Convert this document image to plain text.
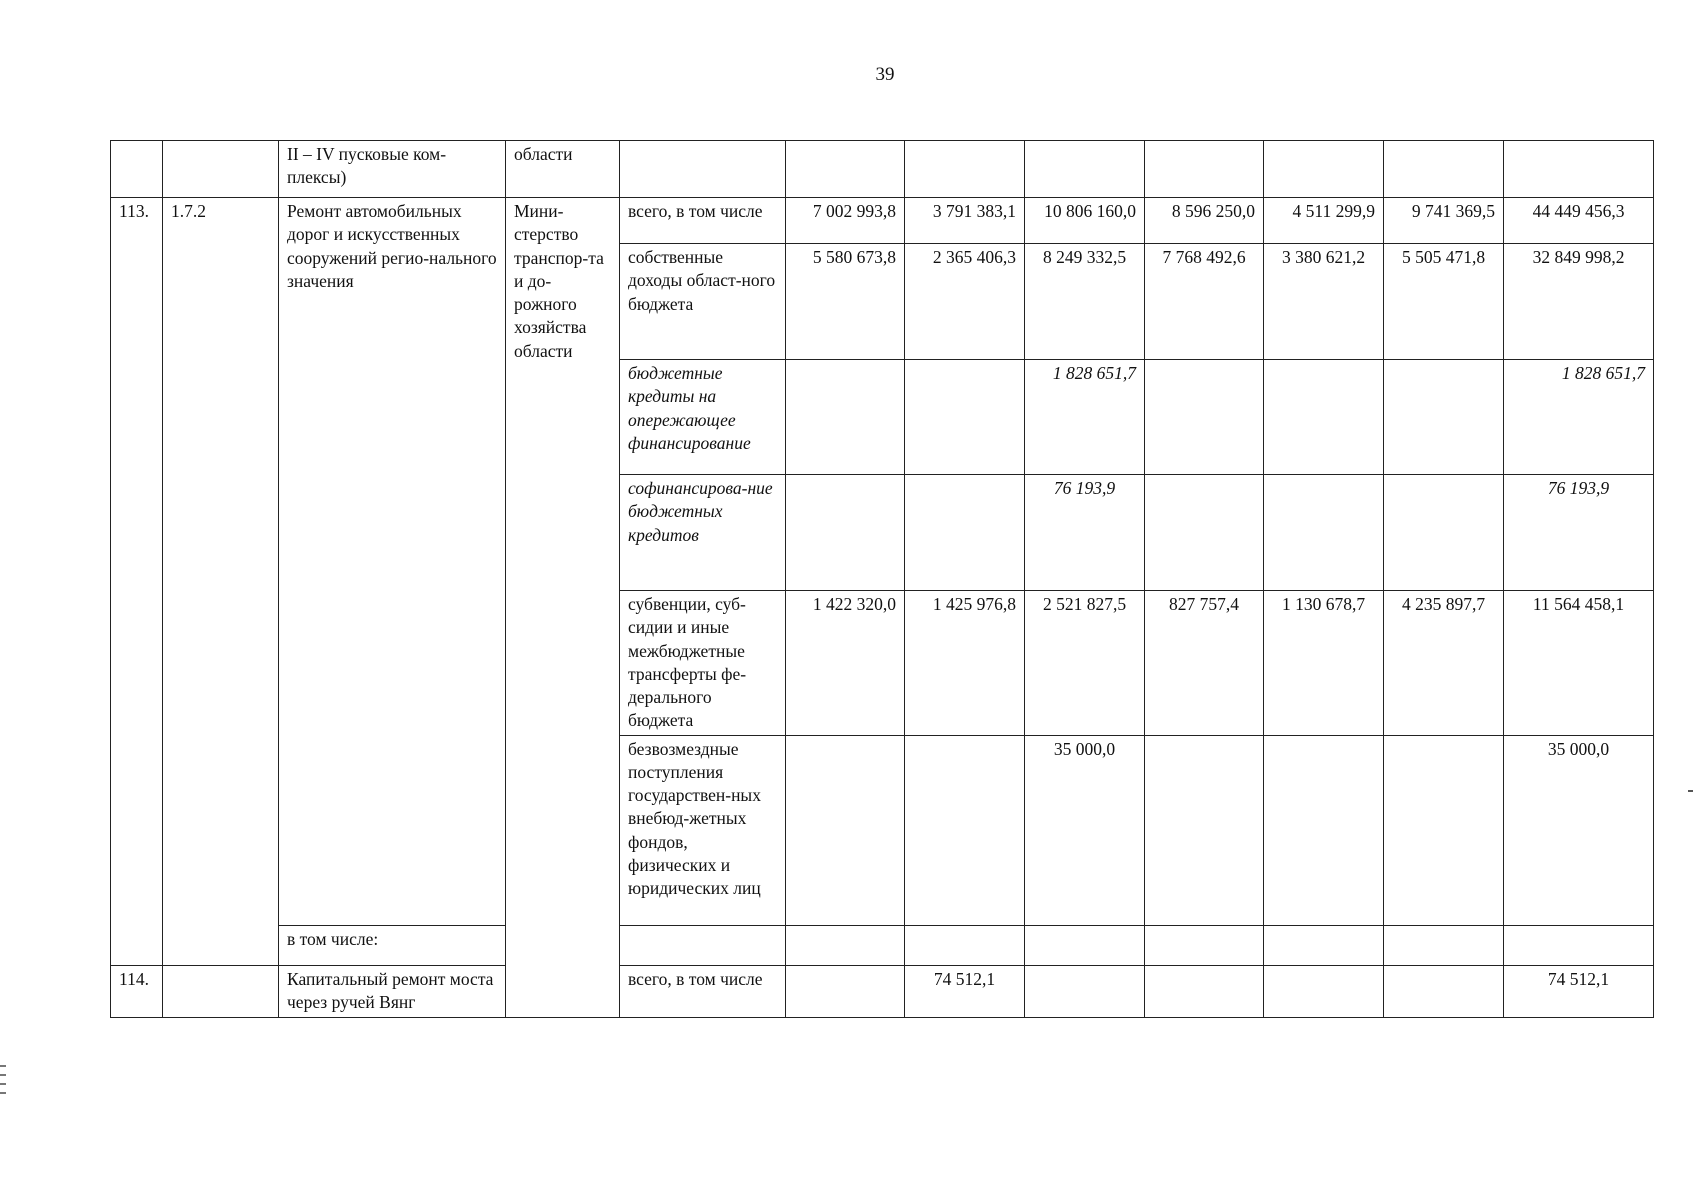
39
		II – IV пусковые ком-плексы)	области								
113.	1.7.2	Ремонт автомобильных дорог и искусственных сооружений регио-нального значения	Мини-стерство транспор-та и до-рожного хозяйства области	всего, в том числе	7 002 993,8	3 791 383,1	10 806 160,0	8 596 250,0	4 511 299,9	9 741 369,5	44 449 456,3
				собственные доходы област-ного бюджета	5 580 673,8	2 365 406,3	8 249 332,5	7 768 492,6	3 380 621,2	5 505 471,8	32 849 998,2
				бюджетные кредиты на опережающее финансирование			1 828 651,7				1 828 651,7
				софинансирова-ние бюджетных кредитов			76 193,9				76 193,9
				субвенции, суб-сидии и иные межбюджетные трансферты фе-дерального бюджета	1 422 320,0	1 425 976,8	2 521 827,5	827 757,4	1 130 678,7	4 235 897,7	11 564 458,1
				безвозмездные поступления государствен-ных внебюд-жетных фондов, физических и юридических лиц			35 000,0				35 000,0

		в том числе:									
114.		Капитальный ремонт моста через ручей Вянг		всего, в том числе		74 512,1					74 512,1
